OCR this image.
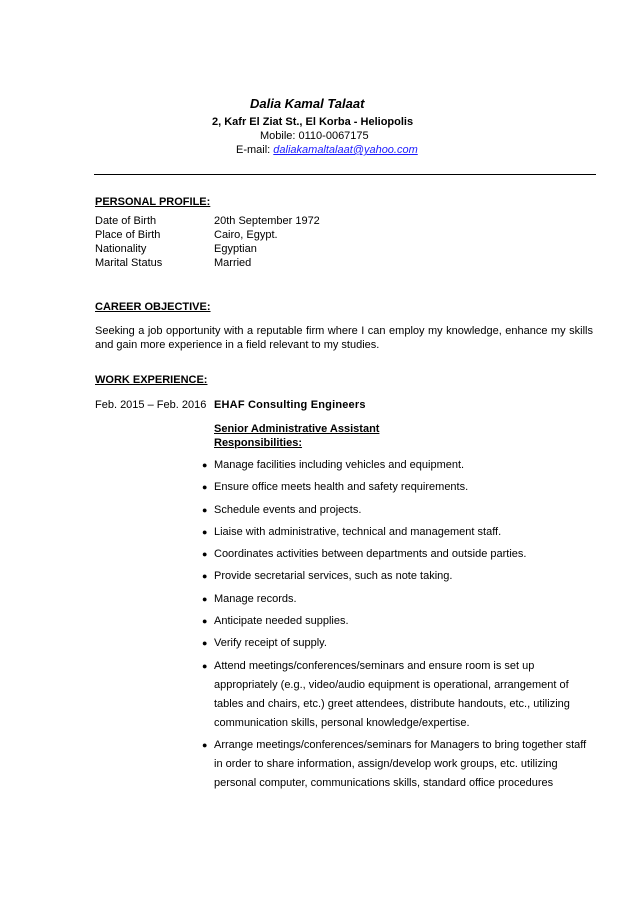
Dalia Kamal Talaat
2, Kafr El Ziat St., El Korba - Heliopolis
Mobile: 0110-0067175
E-mail: daliakamaltalaat@yahoo.com
PERSONAL PROFILE:
Date of Birth	20th September 1972
Place of Birth	Cairo, Egypt.
Nationality	Egyptian
Marital Status	Married
CAREER OBJECTIVE:
Seeking a job opportunity with a reputable firm where I can employ my knowledge, enhance my skills and gain more experience in a field relevant to my studies.
WORK EXPERIENCE:
Feb. 2015 – Feb. 2016 EHAF Consulting Engineers
Senior Administrative Assistant
Responsibilities:
● Manage facilities including vehicles and equipment.
● Ensure office meets health and safety requirements.
● Schedule events and projects.
● Liaise with administrative, technical and management staff.
● Coordinates activities between departments and outside parties.
● Provide secretarial services, such as note taking.
● Manage records.
● Anticipate needed supplies.
● Verify receipt of supply.
● Attend meetings/conferences/seminars and ensure room is set up appropriately (e.g., video/audio equipment is operational, arrangement of tables and chairs, etc.) greet attendees, distribute handouts, etc., utilizing communication skills, personal knowledge/expertise.
● Arrange meetings/conferences/seminars for Managers to bring together staff in order to share information, assign/develop work groups, etc. utilizing personal computer, communications skills, standard office procedures
